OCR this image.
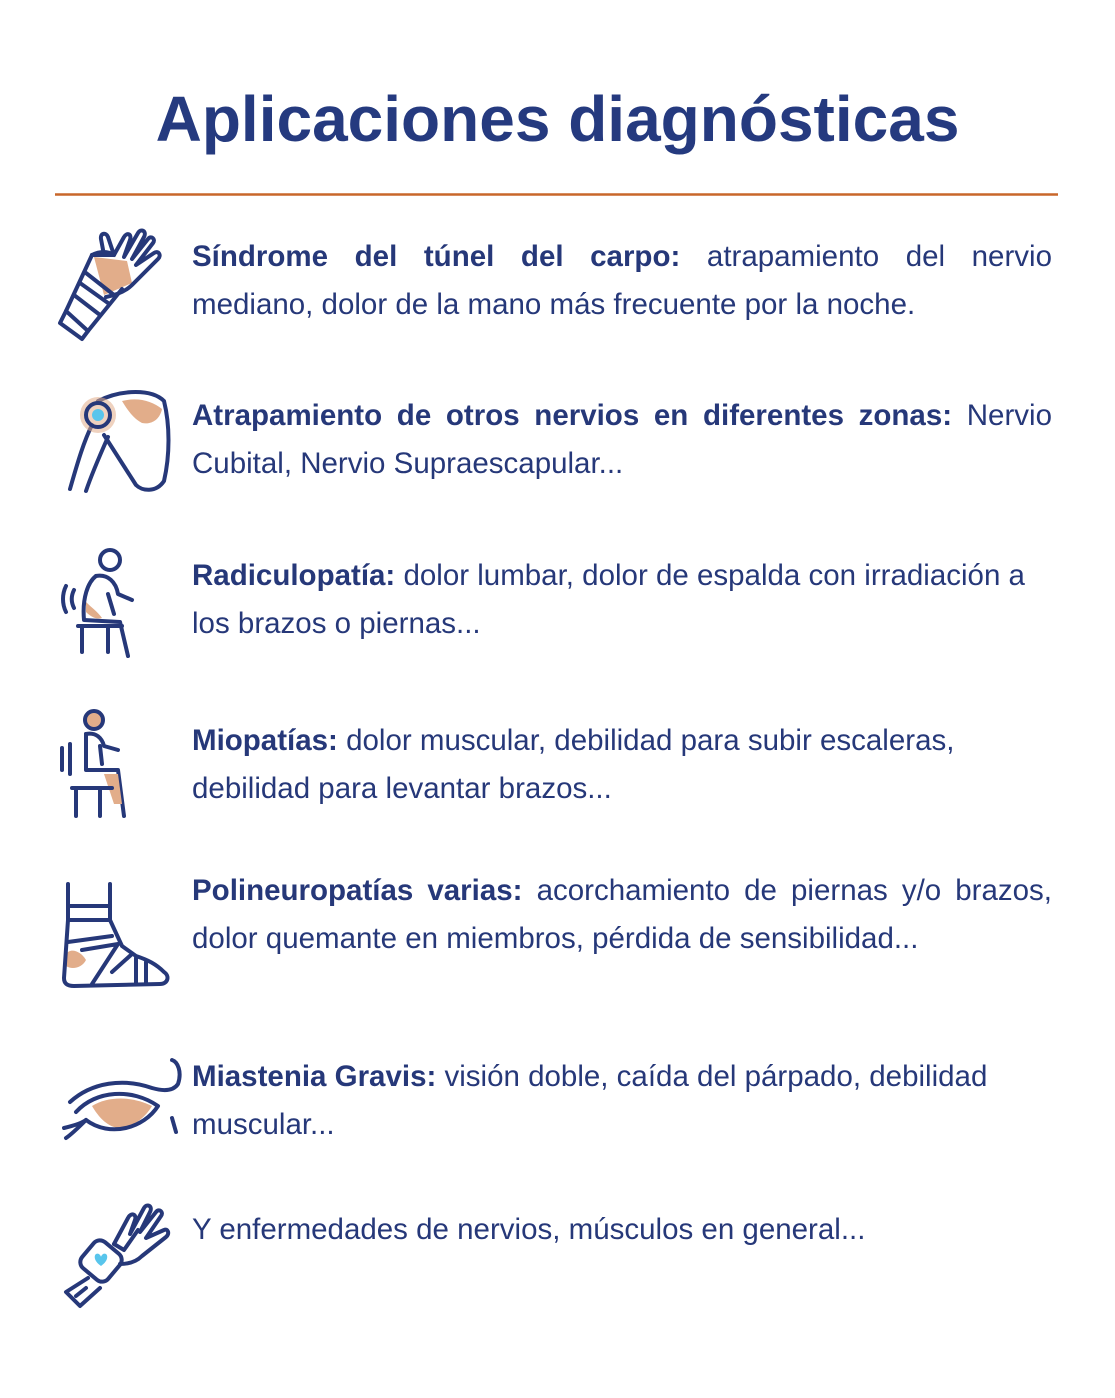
Aplicaciones diagnósticas
Síndrome del túnel del carpo: atrapamiento del nervio mediano, dolor de la mano más frecuente por la noche.
Atrapamiento de otros nervios en diferentes zonas: Nervio Cubital, Nervio Supraescapular...
Radiculopatía: dolor lumbar, dolor de espalda con irradiación a los brazos o piernas...
Miopatías: dolor muscular, debilidad para subir escaleras, debilidad para levantar brazos...
Polineuropatías varias: acorchamiento de piernas y/o brazos, dolor quemante en miembros, pérdida de sensibilidad...
Miastenia Gravis: visión doble, caída del párpado, debilidad muscular...
Y enfermedades de nervios, músculos en general...
